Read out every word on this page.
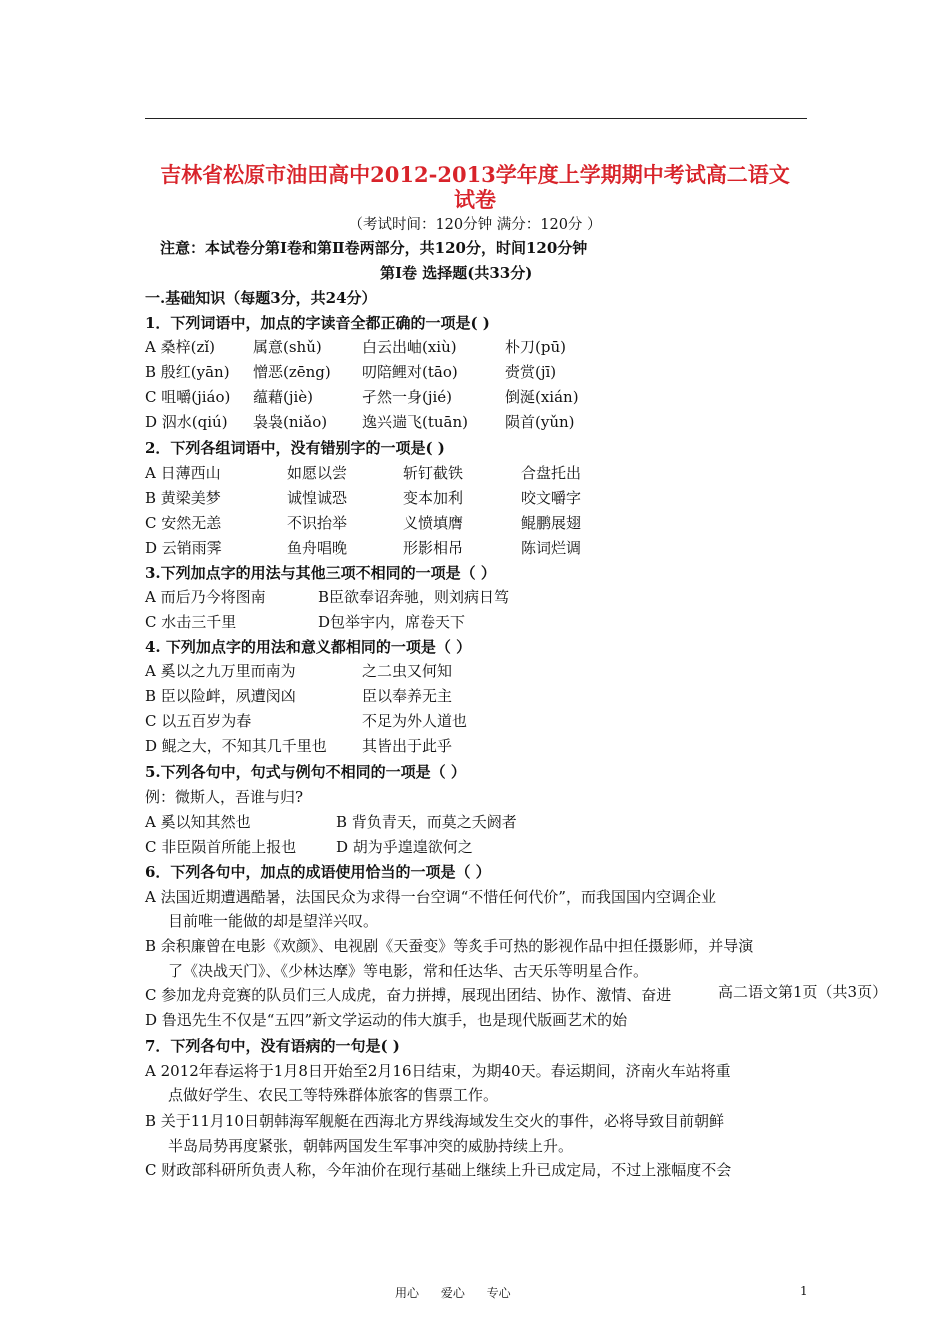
吉林省松原市油田高中2012-2013学年度上学期期中考试高二语文
试卷
（考试时间：120分钟 满分：120分 ）
注意：本试卷分第Ⅰ卷和第Ⅱ卷两部分，共120分，时间120分钟
第Ⅰ卷 选择题(共33分)
一.基础知识（每题3分，共24分）
1．下列词语中，加点的字读音全都正确的一项是( )
A 桑梓(zǐ)	属意(shǔ)	白云出岫(xiù)	朴刀(pū)
B 殷红(yān) 憎恶(zēng) 叨陪鲤对(tāo)	赍赏(jī)
C 咀嚼(jiáo) 蕴藉(jiè)	孑然一身(jié)	倒涎(xián)
D 泅水(qiú) 袅袅(niǎo) 逸兴遄飞(tuān) 陨首(yǔn)
2．下列各组词语中，没有错别字的一项是( )
A 日薄西山	如愿以尝	斩钉截铁	合盘托出
B 黄梁美梦	诚惶诚恐	变本加利	咬文嚼字
C 安然无恙	不识抬举	义愤填膺	鲲鹏展翅
D 云销雨霁	鱼舟唱晚	形影相吊	陈词烂调
3.下列加点字的用法与其他三项不相同的一项是（ ）
A 而后乃今将图南	B臣欲奉诏奔驰，则刘病日笃
C 水击三千里	D包举宇内，席卷天下
4. 下列加点字的用法和意义都相同的一项是（ ）
A 奚以之九万里而南为	之二虫又何知
B 臣以险衅，夙遭闵凶	臣以奉养无主
C 以五百岁为春	不足为外人道也
D 鲲之大，不知其几千里也 其皆出于此乎
5.下列各句中，句式与例句不相同的一项是（ ）
例：微斯人，吾谁与归?
A 奚以知其然也	B 背负青天，而莫之夭阏者
C 非臣陨首所能上报也	D 胡为乎遑遑欲何之
6．下列各句中，加点的成语使用恰当的一项是（ ）
A 法国近期遭遇酷暑，法国民众为求得一台空调“不惜任何代价”，而我国国内空调企业
目前唯一能做的却是望洋兴叹。
B 余积廉曾在电影《欢颜》、电视剧《天蚕变》等炙手可热的影视作品中担任摄影师，并导演
了《决战天门》、《少林达摩》等电影，常和任达华、古天乐等明星合作。
C 参加龙舟竞赛的队员们三人成虎，奋力拼搏，展现出团结、协作、激情、奋进	高二语文第1页（共3页）
D 鲁迅先生不仅是“五四”新文学运动的伟大旗手，也是现代版画艺术的始
7．下列各句中，没有语病的一句是( )
A 2012年春运将于1月8日开始至2月16日结束，为期40天。春运期间，济南火车站将重
点做好学生、农民工等特殊群体旅客的售票工作。
B 关于11月10日朝韩海军舰艇在西海北方界线海域发生交火的事件，必将导致目前朝鲜
半岛局势再度紧张，朝韩两国发生军事冲突的威胁持续上升。
C 财政部科研所负责人称，今年油价在现行基础上继续上升已成定局，不过上涨幅度不会
用心 爱心 专心	1
